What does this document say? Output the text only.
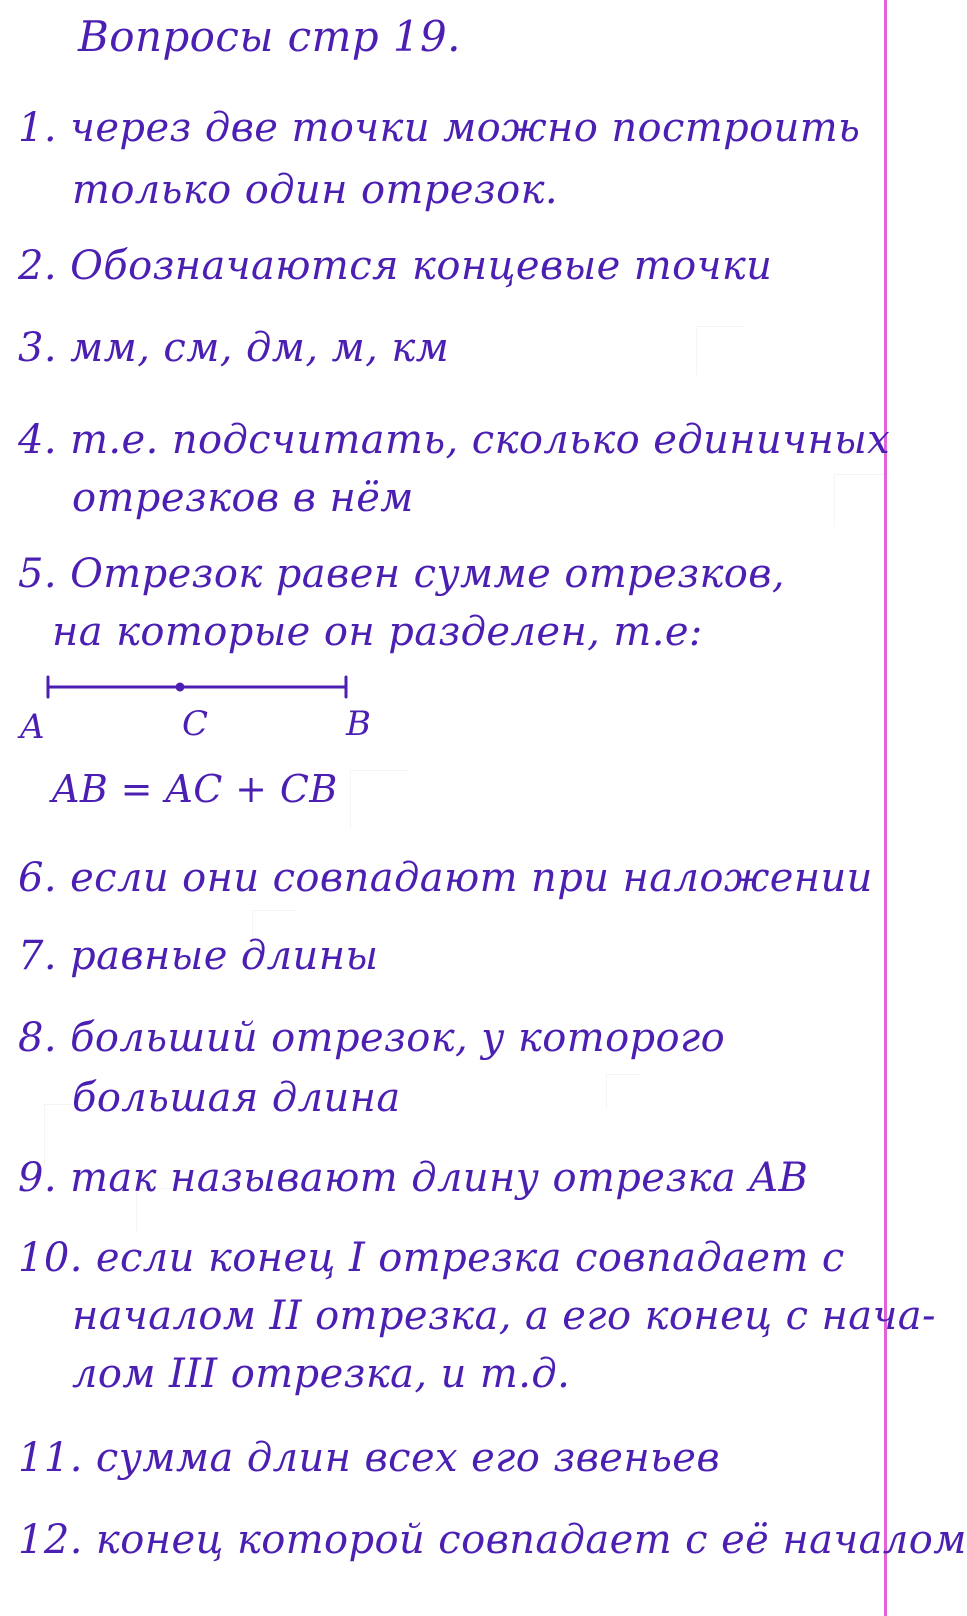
Вопросы стр 19.
1. через две точки можно построить
только один отрезок.
2. Обозначаются концевые точки
3. мм, см, дм, м, км
4. т.е. подсчитать, сколько единичных
отрезков в нём
5. Отрезок равен сумме отрезков,
на которые он разделен, т.е:
A	C	B
AB = AC + CB
6. если они совпадают при наложении
7. равные длины
8. больший отрезок, у которого
большая длина
9. так называют длину отрезка AB
10. если конец I отрезка совпадает с
началом II отрезка, а его конец с нача-
лом III отрезка, и т.д.
11. сумма длин всех его звеньев
12. конец которой совпадает с её началом
